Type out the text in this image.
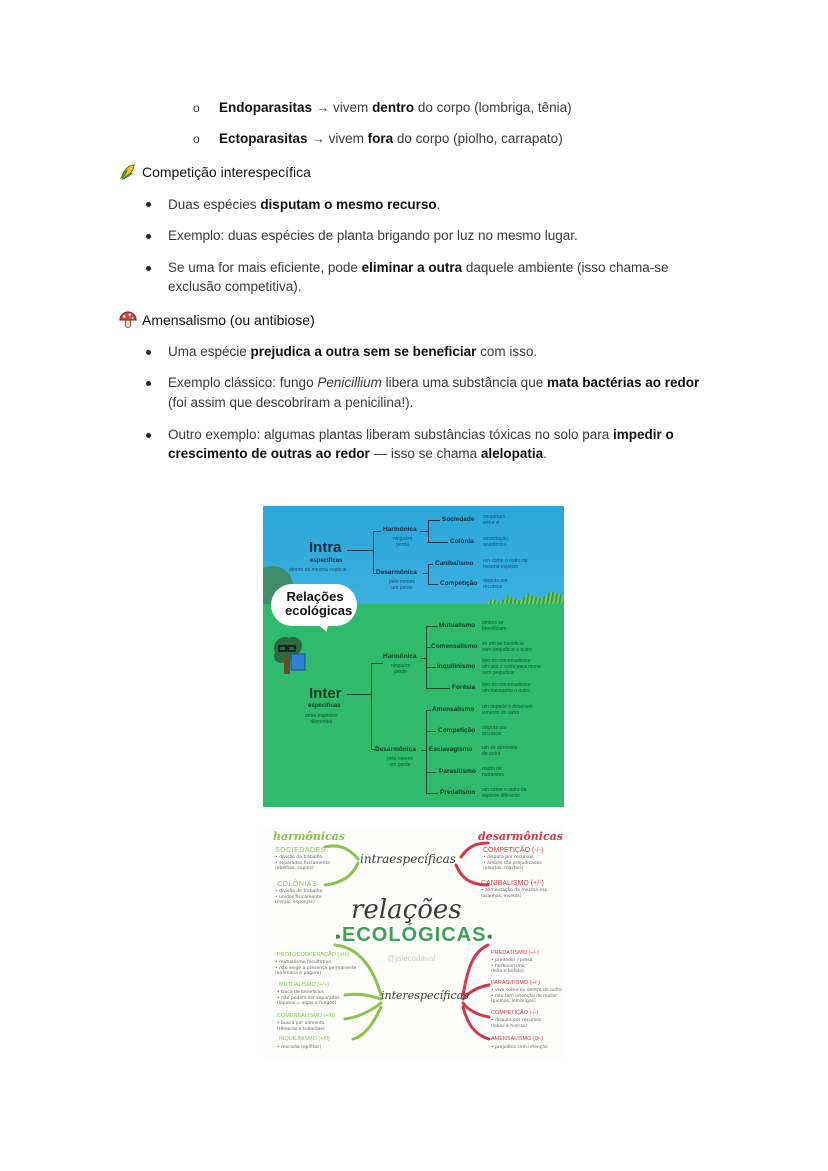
o Endoparasitas → vivem dentro do corpo (lombriga, tênia)
o Ectoparasitas → vivem fora do corpo (piolho, carrapato)
Competição interespecífica
Duas espécies disputam o mesmo recurso.
Exemplo: duas espécies de planta brigando por luz no mesmo lugar.
Se uma for mais eficiente, pode eliminar a outra daquele ambiente (isso chama-se
exclusão competitiva).
Amensalismo (ou antibiose)
Uma espécie prejudica a outra sem se beneficiar com isso.
Exemplo clássico: fungo Penicillium libera uma substância que mata bactérias ao redor
(foi assim que descobriram a penicilina!).
Outro exemplo: algumas plantas liberam substâncias tóxicas no solo para impedir o
crescimento de outras ao redor — isso se chama alelopatia.
Intra
específicas
dentro da mesma espécie
Harmônica
ninguém
perde
Desarmônica
pelo menos
um perde
Sociedade cooperam
entre si
Colônia associação
anatômica
Canibalismo um come o outro da
mesma espécie
Competição disputa por
recursos
Relações
ecológicas
Inter
específicas
entre espécies
diferentes
Harmônica
ninguém
perde
Desarmônica
pelo menos
um perde
Mutualismo ambos se
beneficiam
Comensalismo só um se beneficia
sem prejudicar o outro
Inquilinismo
tipo de comensalismo
um usa o outro para morar
sem prejudicar
Forésia tipo de comensalismo
um transporta o outro
Amensalismo um impede o desenvol-
vimento do outro
Competição disputa por
recursos
Esclavagismo um se aproveita
do outro
Parasitismo roubo de
nutrientes
Predatismo um come o outro da
espécie diferente
harmônicas	desarmônicas
intraespecíficas
SOCIEDADES
• divisão de trabalho
• separados fisicamente
(abelhas, cupins)
COLÔNIAS
• divisão de trabalho
• unidos fisicamente
(corais, esponjas)
COMPETIÇÃO (-/-)
• disputa por recursos
• ambos são prejudicados
(plantas, machos)
CANIBALISMO (+/-)
• alimentação da mesma esp.
(aranhas, insetos)
relações
⁍ECOLÓGICAS⁌
@jalecodaval
interespecíficas
PROTOCOOPERAÇÃO (+/+)
• mutualismo facultativo
• não exige a presença permanente
(anêmona e paguro)
MUTUALISMO (+/+)
• troca de benefícios
• não podem ser separados
(liquens = algas e fungos)
COMENSALISMO (+/0)
• busca por alimento
(rêmoras e tubarões)
INQUILINISMO (+/0)
• moradia (epífitas)
PREDATISMO (+/-)
• predador / presa
• herbivorismo
(leão e búfalo)
PARASITISMO (+/-)
• vive sobre ou dentro do outro
• não tem intenção de matar
(piolhos, lombrigas)
COMPETIÇÃO (-/-)
• disputa por recursos
(lobos e hienas)
AMENSALISMO (0/-)
• prejudica sem intenção
